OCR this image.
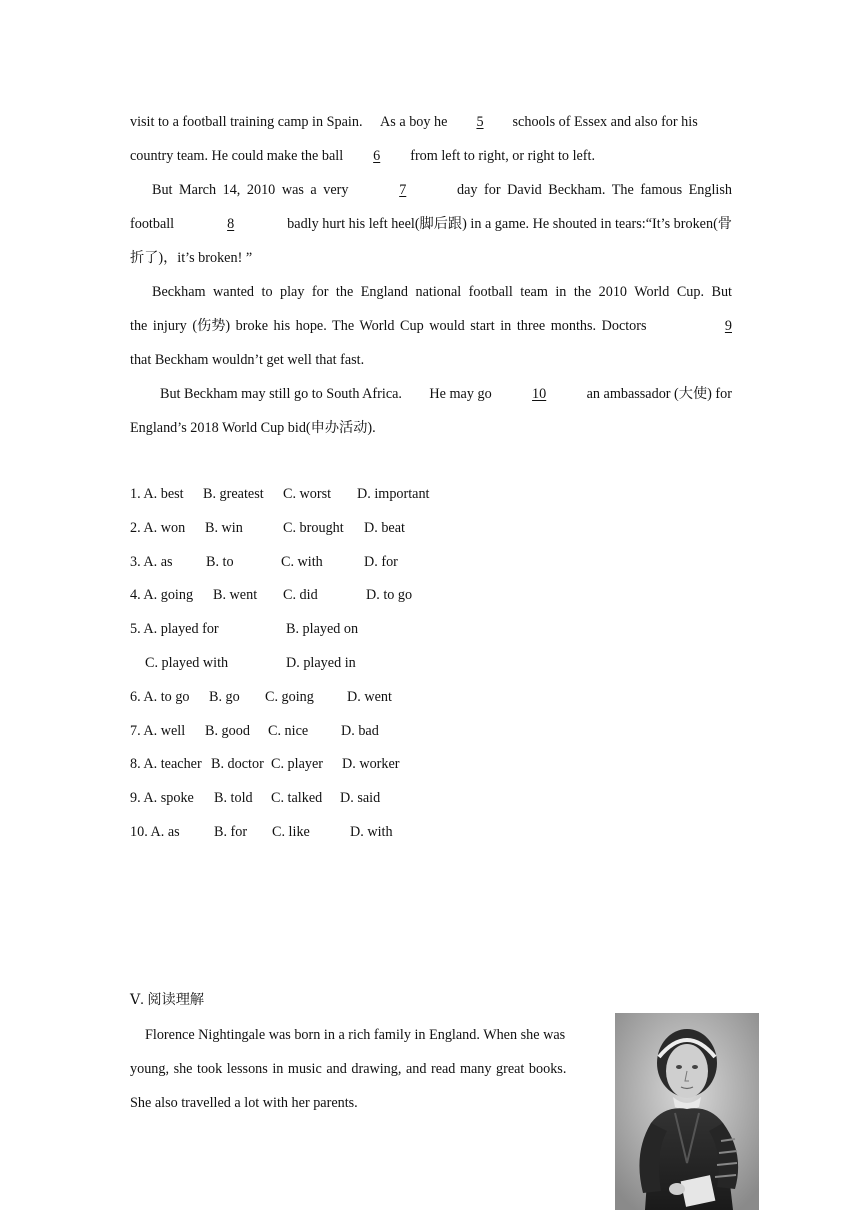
visit to a football training camp in Spain. As a boy he 5 schools of Essex and also for his
country team. He could make the ball 6 from left to right, or right to left.
But March 14, 2010 was a very	7	day for David Beckham. The famous English
football	8	badly hurt his left heel(脚后跟) in a game. He shouted in tears:“It’s broken(骨
折了)，it’s broken! ”
Beckham wanted to play for the England national football team in the 2010 World Cup. But
the injury (伤势) broke his hope. The World Cup would start in three months. Doctors	9
that Beckham wouldn’t get well that fast.
But Beckham may still go to South Africa. He may go	10	an ambassador (大使) for
England’s 2018 World Cup bid(申办活动).
1. A. best B. greatest C. worst D. important
2. A. won B. win	C. brought D. beat
3. A. as B. to	C. with	D. for
4. A. going B. went C. did	D. to go
5. A. played for	B. played on
C. played with	D. played in
6. A. to go B. go C. going D. went
7. A. well B. good C. nice D. bad
8. A. teacher B. doctor C. player D. worker
9. A. spoke B. told C. talked D. said
10. A. as B. for C. like	D. with
Ⅴ. 阅读理解
Florence Nightingale was born in a rich family in England. When she was
y oung, she took lessons in music and drawing, and read many great books.
She also travelled a lot with her parents.
